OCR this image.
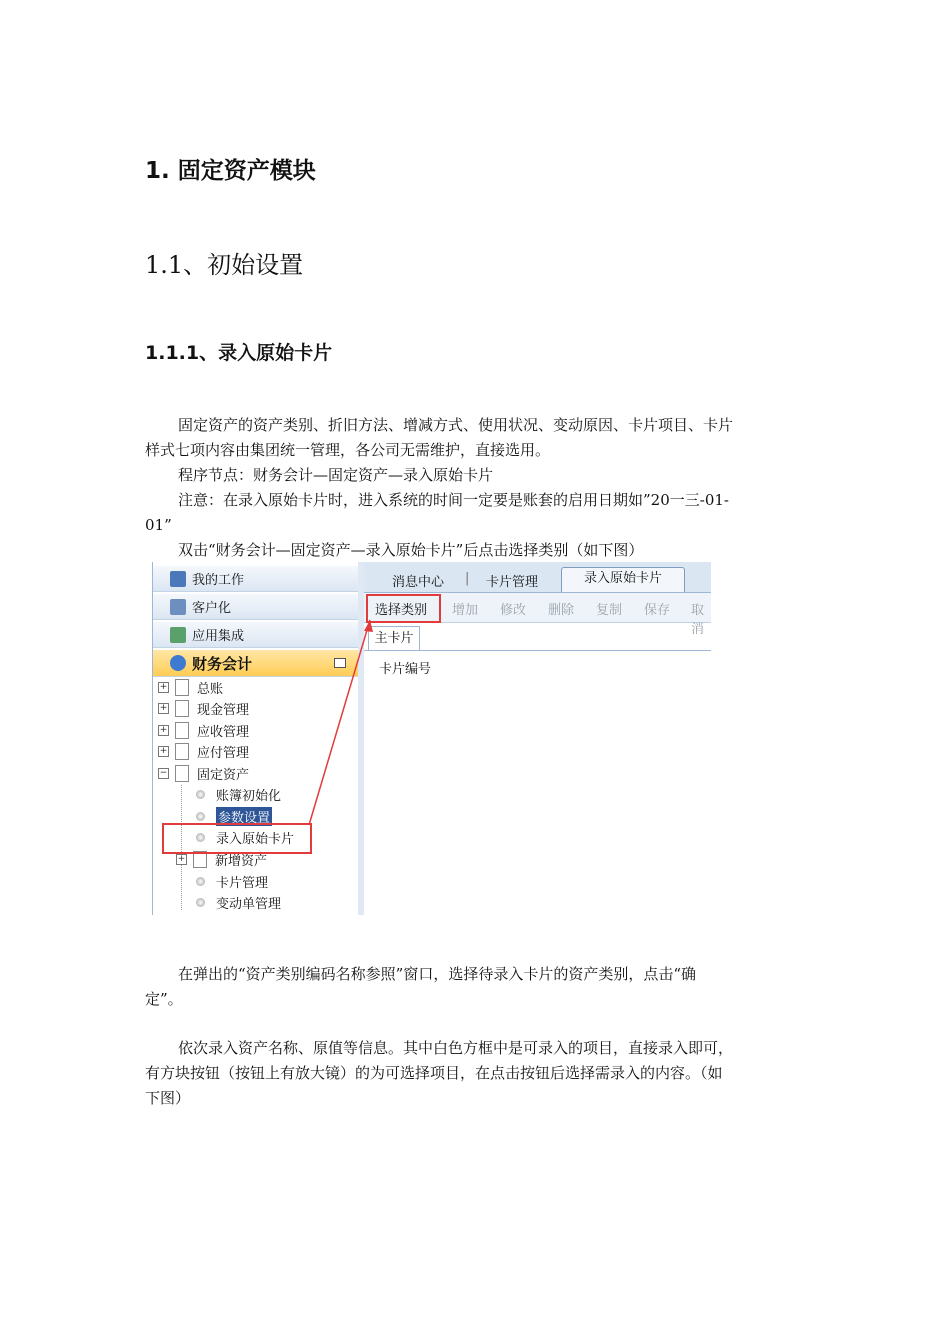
1. 固定资产模块
1.1、初始设置
1.1.1、录入原始卡片
固定资产的资产类别、折旧方法、增减方式、使用状况、变动原因、卡片项目、卡片
样式七项内容由集团统一管理，各公司无需维护，直接选用。
程序节点：财务会计—固定资产—录入原始卡片
注意：在录入原始卡片时，进入系统的时间一定要是账套的启用日期如”20一三-01-
01”
双击“财务会计—固定资产—录入原始卡片”后点击选择类别（如下图）
我的工作
客户化
应用集成
财务会计
+ 总账
+ 现金管理
+ 应收管理
+ 应付管理
− 固定资产
账簿初始化
参数设置
录入原始卡片
+ 新增资产
卡片管理
变动单管理
消息中心 | 卡片管理	录入原始卡片
选择类别 增加 修改 删除 复制 保存 取消
主卡片
卡片编号
在弹出的“资产类别编码名称参照”窗口，选择待录入卡片的资产类别，点击“确
定”。
依次录入资产名称、原值等信息。其中白色方框中是可录入的项目，直接录入即可，
有方块按钮（按钮上有放大镜）的为可选择项目，在点击按钮后选择需录入的内容。（如
下图）
